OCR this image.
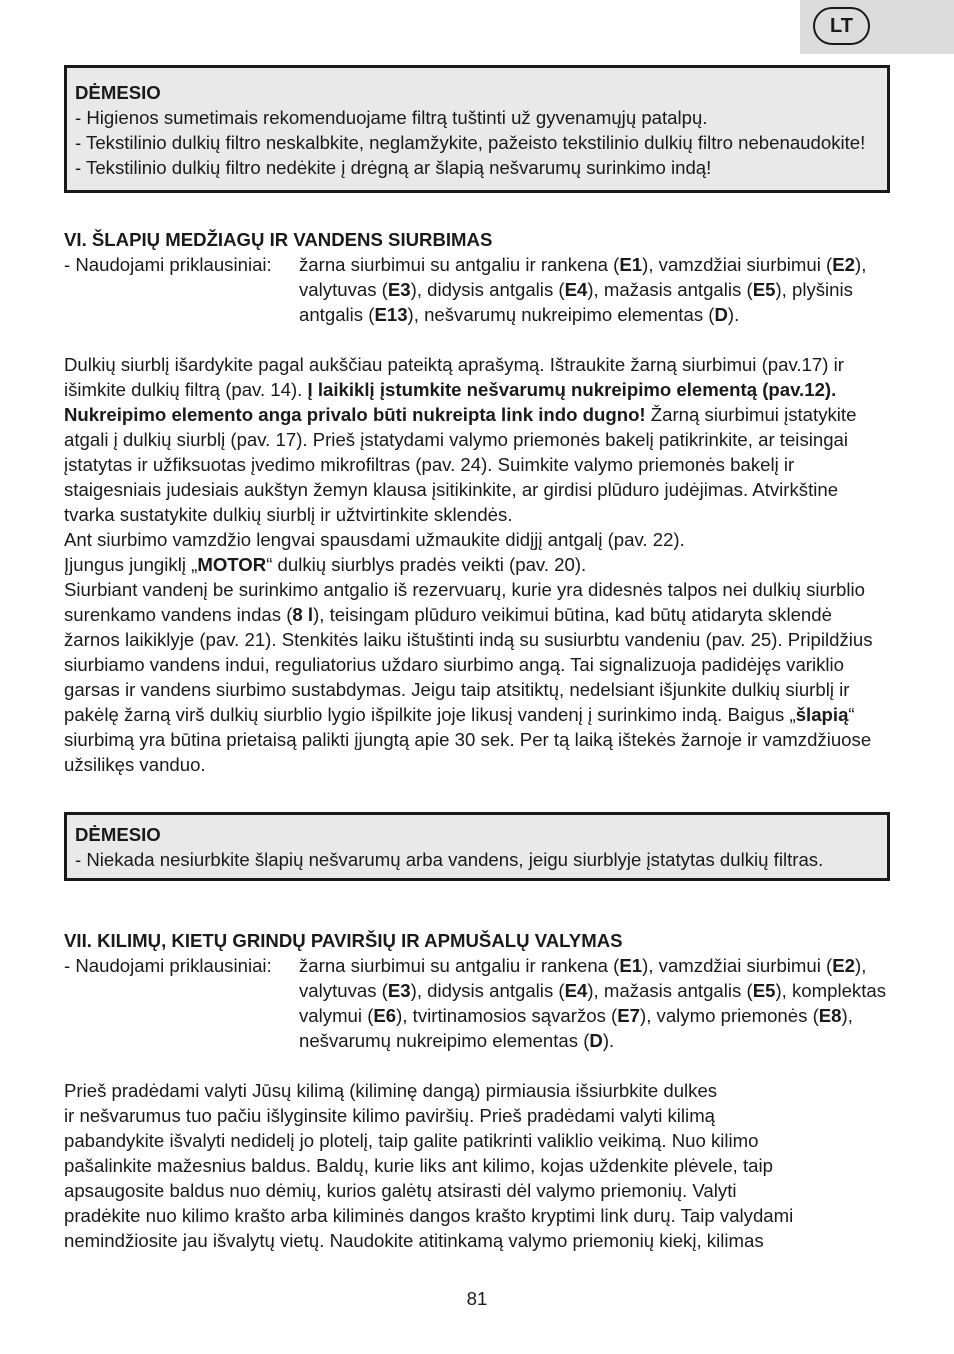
LT
DĖMESIO
- Higienos sumetimais rekomenduojame filtrą tuštinti už gyvenamųjų patalpų.
- Tekstilinio dulkių filtro neskalbkite, neglamžykite, pažeisto tekstilinio dulkių filtro nebenaudokite!
- Tekstilinio dulkių filtro nedėkite į drėgną ar šlapią nešvarumų surinkimo indą!
VI. ŠLAPIŲ MEDŽIAGŲ IR VANDENS SIURBIMAS
- Naudojami priklausiniai:	žarna siurbimui su antgaliu ir rankena (E1), vamzdžiai siurbimui (E2), valytuvas (E3), didysis antgalis (E4), mažasis antgalis (E5), plyšinis antgalis (E13), nešvarumų nukreipimo elementas (D).

Dulkių siurblį išardykite pagal aukščiau pateiktą aprašymą. Ištraukite žarną siurbimui (pav.17) ir išimkite dulkių filtrą (pav. 14). Į laikiklį įstumkite nešvarumų nukreipimo elementą (pav.12). Nukreipimo elemento anga privalo būti nukreipta link indo dugno! Žarną siurbimui įstatykite atgali į dulkių siurblį (pav. 17). Prieš įstatydami valymo priemonės bakelį patikrinkite, ar teisingai įstatytas ir užfiksuotas įvedimo mikrofiltras (pav. 24). Suimkite valymo priemonės bakelį ir staigesniais judesiais aukštyn žemyn klausa įsitikinkite, ar girdisi plūduro judėjimas. Atvirkštine tvarka sustatykite dulkių siurblį ir užtvirtinkite sklendės.

Ant siurbimo vamzdžio lengvai spausdami užmaukite didįjį antgalį (pav. 22).

Įjungus jungiklį „MOTOR“ dulkių siurblys pradės veikti (pav. 20).

Siurbiant vandenį be surinkimo antgalio iš rezervuarų, kurie yra didesnės talpos nei dulkių siurblio surenkamo vandens indas (8 l), teisingam plūduro veikimui būtina, kad būtų atidaryta sklendė žarnos laikiklyje (pav. 21). Stenkitės laiku ištuštinti indą su susiurbtu vandeniu (pav. 25). Pripildžius siurbiamo vandens indui, reguliatorius uždaro siurbimo angą. Tai signalizuoja padidėjęs variklio garsas ir vandens siurbimo sustabdymas. Jeigu taip atsitiktų, nedelsiant išjunkite dulkių siurblį ir pakėlę žarną virš dulkių siurblio lygio išpilkite joje likusį vandenį į surinkimo indą. Baigus „šlapią“ siurbimą yra būtina prietaisą palikti įjungtą apie 30 sek. Per tą laiką ištekės žarnoje ir vamzdžiuose užsilikęs vanduo.

DĖMESIO
- Niekada nesiurbkite šlapių nešvarumų arba vandens, jeigu siurblyje įstatytas dulkių filtras.
VII. KILIMŲ, KIETŲ GRINDŲ PAVIRŠIŲ IR APMUŠALŲ VALYMAS
- Naudojami priklausiniai:	žarna siurbimui su antgaliu ir rankena (E1), vamzdžiai siurbimui (E2), valytuvas (E3), didysis antgalis (E4), mažasis antgalis (E5), komplektas valymui (E6), tvirtinamosios sąvaržos (E7), valymo priemonės (E8), nešvarumų nukreipimo elementas (D).
Prieš pradėdami valyti Jūsų kilimą (kiliminę dangą) pirmiausia išsiurbkite dulkes
ir nešvarumus tuo pačiu išlyginsite kilimo paviršių. Prieš pradėdami valyti kilimą
pabandykite išvalyti nedidelį jo plotelį, taip galite patikrinti valiklio veikimą. Nuo kilimo
pašalinkite mažesnius baldus. Baldų, kurie liks ant kilimo, kojas uždenkite plėvele, taip
apsaugosite baldus nuo dėmių, kurios galėtų atsirasti dėl valymo priemonių. Valyti
pradėkite nuo kilimo krašto arba kiliminės dangos krašto kryptimi link durų. Taip valydami
nemindžiosite jau išvalytų vietų. Naudokite atitinkamą valymo priemonių kiekį, kilimas
81
